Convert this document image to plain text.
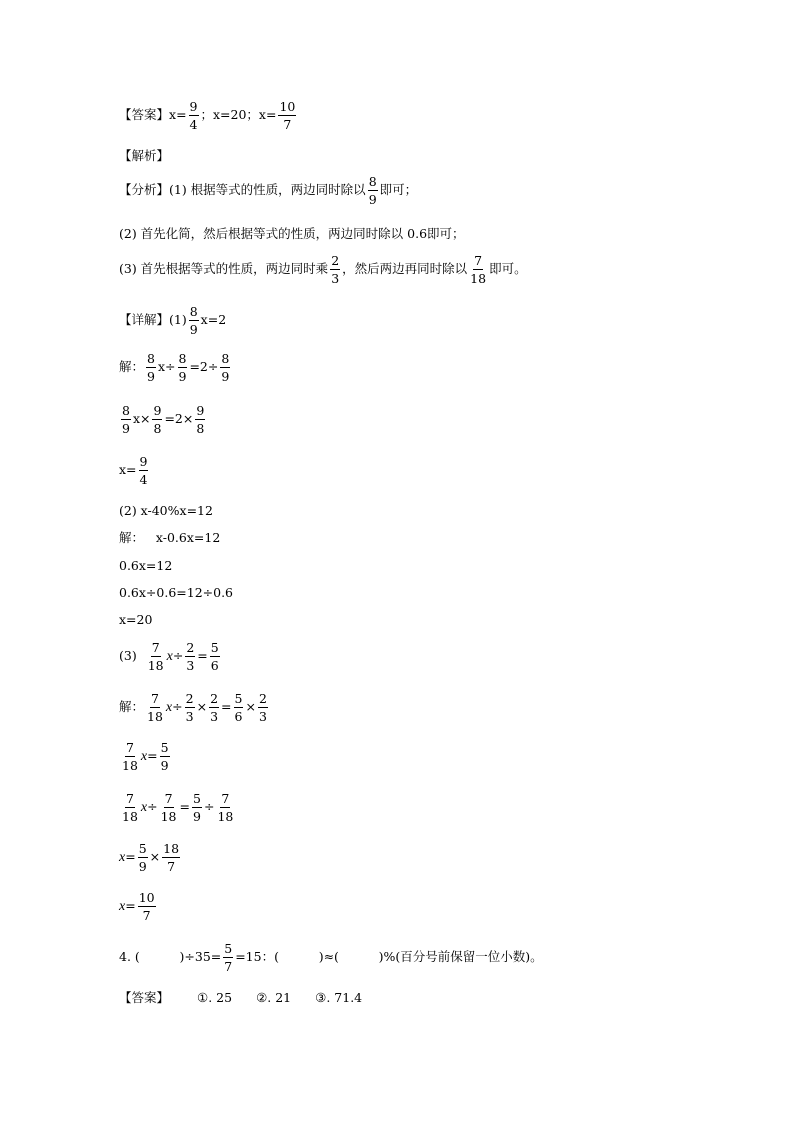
【答案】 $x= \frac{9}{4}$ ；x=20；$x= \frac{10}{7}$
【解析】
【分析】(1) 根据等式的性质，两边同时除以 $\frac{8}{9}$ 即可；
(2) 首先化简，然后根据等式的性质，两边同时除以 0.6即可；
(3) 首先根据等式的性质，两边同时乘 $\frac{2}{3}$ ，然后两边再同时除以 $\frac{7}{18}$ 即可。
【详解】$(1) \frac{8}{9} x=2$
解： $\frac{8}{9} x\div \frac{8}{9} =2\div \frac{8}{9}$
$\frac{8}{9} x\times \frac{9}{8} =2\times \frac{9}{8}$
$x= \frac{9}{4}$
(2) x-40%x=12
解：   x-0.6x=12
0.6x=12
0.6x÷0.6=12÷0.6
x=20
$(3) \frac{7}{18}$ $x \div \frac{2}{3} = \frac{5}{6}$
解： $\frac{7}{18}$ $x \div \frac{2}{3} \times \frac{2}{3} = \frac{5}{6} \times \frac{2}{3}$
$\frac{7}{18}$ $x = \frac{5}{9}$
$\frac{7}{18}$ $x \div \frac{7}{18} = \frac{5}{9} \div \frac{7}{18}$
$x = \frac{5}{9} \times \frac{18}{7}$
$x = \frac{10}{7}$
4. (          )$\div 35= \frac{5}{7} =15$：(          )≈(          )%(百分号前保留一位小数)。
【答案】 ①. 25 ②. 21 ③. 71.4
